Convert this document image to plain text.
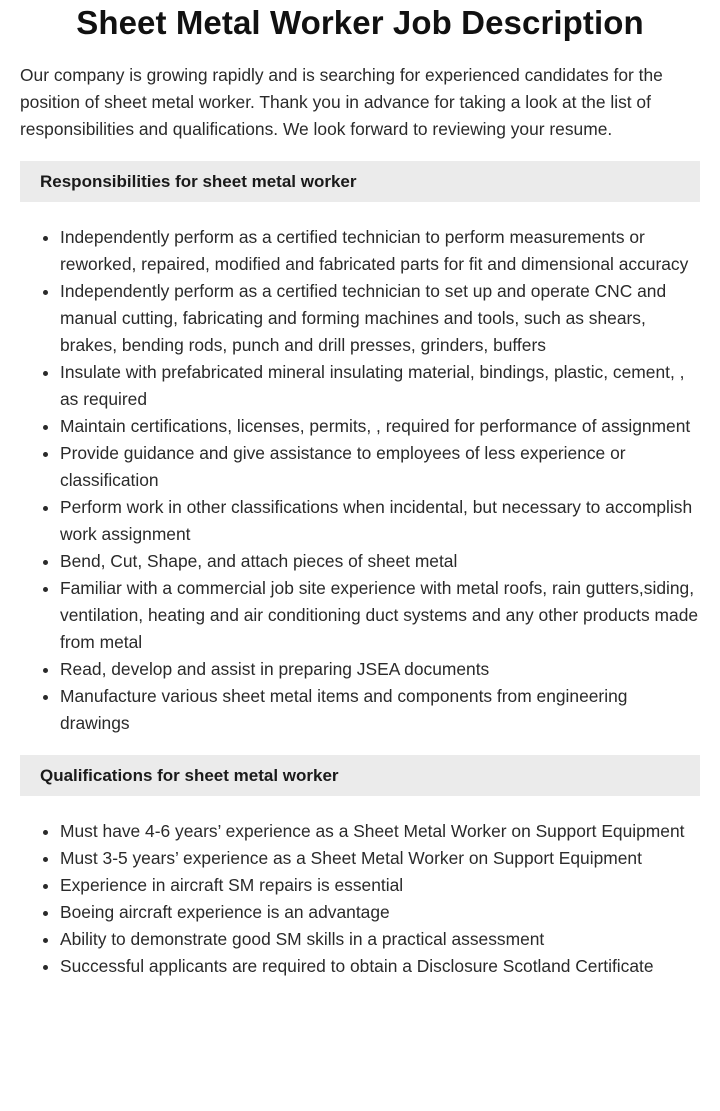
Sheet Metal Worker Job Description

Our company is growing rapidly and is searching for experienced candidates for the position of sheet metal worker. Thank you in advance for taking a look at the list of responsibilities and qualifications. We look forward to reviewing your resume.

Responsibilities for sheet metal worker
• Independently perform as a certified technician to perform measurements or reworked, repaired, modified and fabricated parts for fit and dimensional accuracy
• Independently perform as a certified technician to set up and operate CNC and manual cutting, fabricating and forming machines and tools, such as shears, brakes, bending rods, punch and drill presses, grinders, buffers
• Insulate with prefabricated mineral insulating material, bindings, plastic, cement, , as required
• Maintain certifications, licenses, permits, , required for performance of assignment
• Provide guidance and give assistance to employees of less experience or classification
• Perform work in other classifications when incidental, but necessary to accomplish work assignment
• Bend, Cut, Shape, and attach pieces of sheet metal
• Familiar with a commercial job site experience with metal roofs, rain gutters,siding, ventilation, heating and air conditioning duct systems and any other products made from metal
• Read, develop and assist in preparing JSEA documents
• Manufacture various sheet metal items and components from engineering drawings
Qualifications for sheet metal worker
• Must have 4-6 years’ experience as a Sheet Metal Worker on Support Equipment
• Must 3-5 years’ experience as a Sheet Metal Worker on Support Equipment
• Experience in aircraft SM repairs is essential
• Boeing aircraft experience is an advantage
• Ability to demonstrate good SM skills in a practical assessment
• Successful applicants are required to obtain a Disclosure Scotland Certificate
